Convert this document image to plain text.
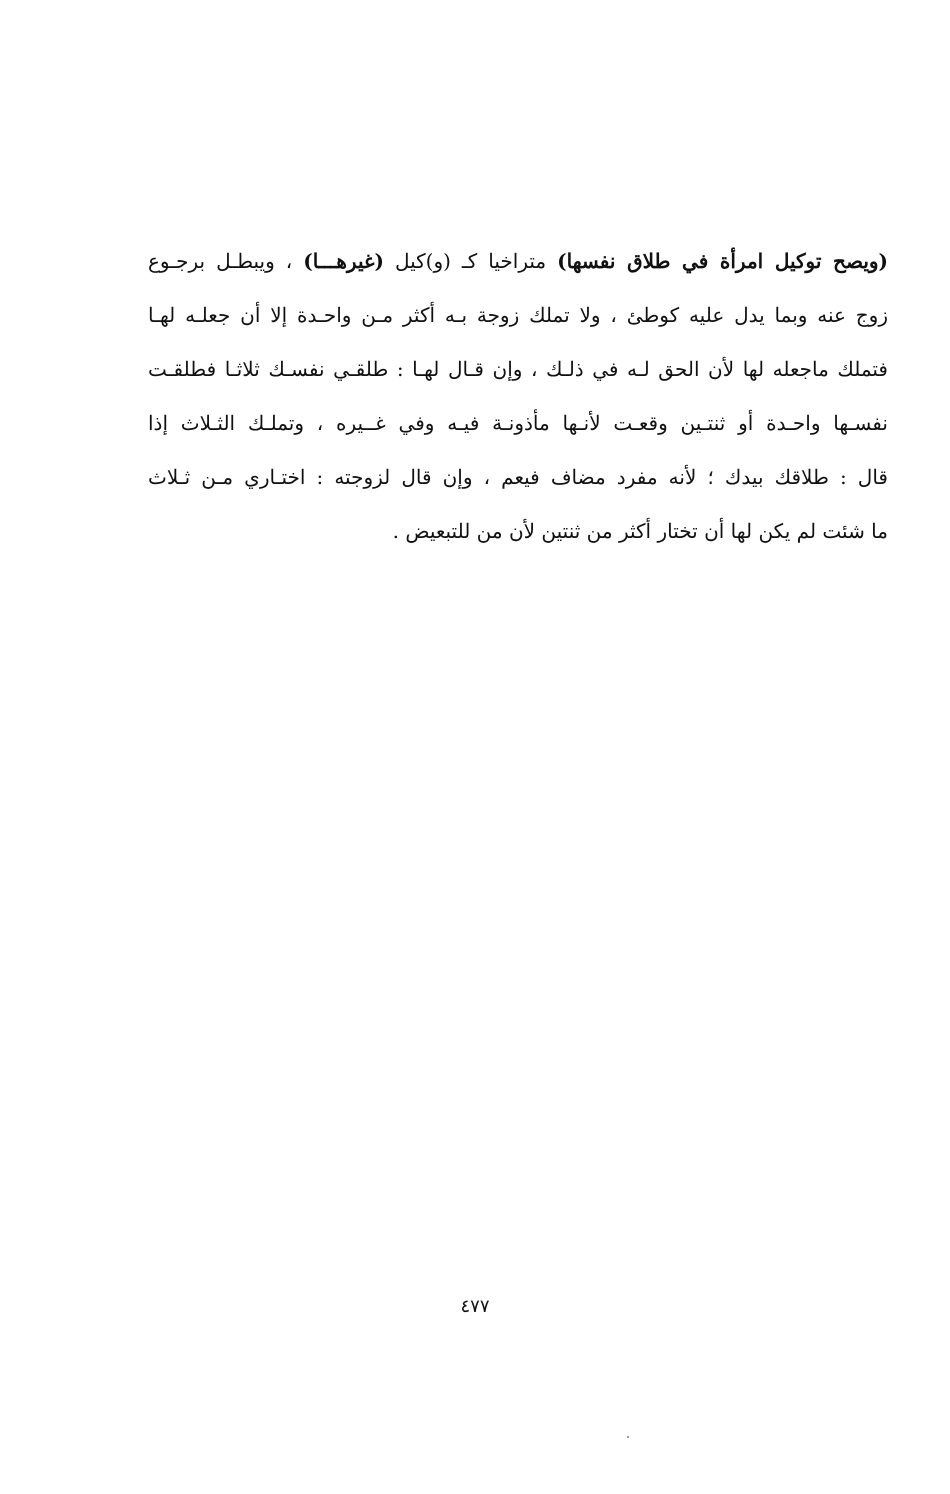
(ويصح توكيل امرأة في طلاق نفسها) متراخيا كـ (و)كيل (غيرهـــا) ، ويبطـل برجـوع
زوج عنه وبما يدل عليه كوطئ ، ولا تملك زوجة بـه أكثر مـن واحـدة إلا أن جعلـه لهـا
فتملك ماجعله لها لأن الحق لـه في ذلـك ، وإن قـال لهـا : طلقـي نفسـك ثلاثـا فطلقـت
نفسـها واحـدة أو ثنتـين وقعـت لأنـها مأذونـة فيـه وفي غــيره ، وتملـك الثـلاث إذا
قال : طلاقك بيدك ؛ لأنه مفرد مضاف فيعم ، وإن قال لزوجته : اختـاري مـن ثـلاث
ما شئت لم يكن لها أن تختار أكثر من ثنتين لأن من للتبعيض .
٤٧٧
